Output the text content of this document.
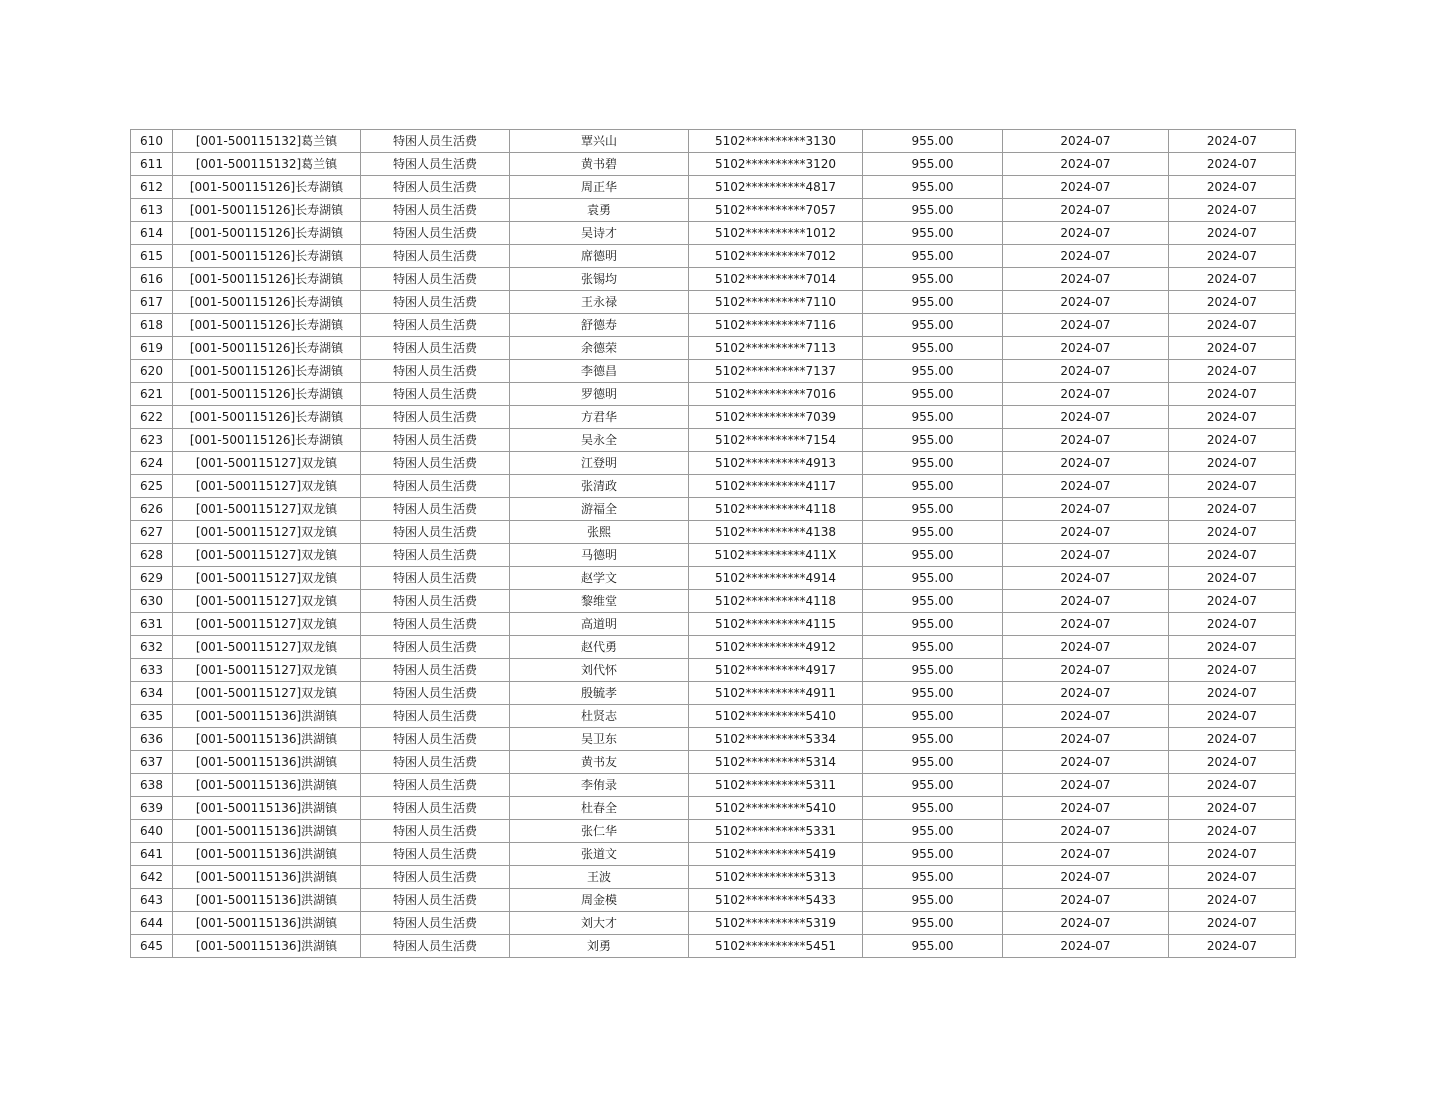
610	[001-500115132]葛兰镇	特困人员生活费	覃兴山	5102**********3130	955.00	2024-07	2024-07
611	[001-500115132]葛兰镇	特困人员生活费	黄书碧	5102**********3120	955.00	2024-07	2024-07
612	[001-500115126]长寿湖镇	特困人员生活费	周正华	5102**********4817	955.00	2024-07	2024-07
613	[001-500115126]长寿湖镇	特困人员生活费	袁勇	5102**********7057	955.00	2024-07	2024-07
614	[001-500115126]长寿湖镇	特困人员生活费	吴诗才	5102**********1012	955.00	2024-07	2024-07
615	[001-500115126]长寿湖镇	特困人员生活费	席德明	5102**********7012	955.00	2024-07	2024-07
616	[001-500115126]长寿湖镇	特困人员生活费	张锡均	5102**********7014	955.00	2024-07	2024-07
617	[001-500115126]长寿湖镇	特困人员生活费	王永禄	5102**********7110	955.00	2024-07	2024-07
618	[001-500115126]长寿湖镇	特困人员生活费	舒德寿	5102**********7116	955.00	2024-07	2024-07
619	[001-500115126]长寿湖镇	特困人员生活费	余德荣	5102**********7113	955.00	2024-07	2024-07
620	[001-500115126]长寿湖镇	特困人员生活费	李德昌	5102**********7137	955.00	2024-07	2024-07
621	[001-500115126]长寿湖镇	特困人员生活费	罗德明	5102**********7016	955.00	2024-07	2024-07
622	[001-500115126]长寿湖镇	特困人员生活费	方君华	5102**********7039	955.00	2024-07	2024-07
623	[001-500115126]长寿湖镇	特困人员生活费	吴永全	5102**********7154	955.00	2024-07	2024-07
624	[001-500115127]双龙镇	特困人员生活费	江登明	5102**********4913	955.00	2024-07	2024-07
625	[001-500115127]双龙镇	特困人员生活费	张清政	5102**********4117	955.00	2024-07	2024-07
626	[001-500115127]双龙镇	特困人员生活费	游福全	5102**********4118	955.00	2024-07	2024-07
627	[001-500115127]双龙镇	特困人员生活费	张熙	5102**********4138	955.00	2024-07	2024-07
628	[001-500115127]双龙镇	特困人员生活费	马德明	5102**********411X	955.00	2024-07	2024-07
629	[001-500115127]双龙镇	特困人员生活费	赵学文	5102**********4914	955.00	2024-07	2024-07
630	[001-500115127]双龙镇	特困人员生活费	黎维堂	5102**********4118	955.00	2024-07	2024-07
631	[001-500115127]双龙镇	特困人员生活费	高道明	5102**********4115	955.00	2024-07	2024-07
632	[001-500115127]双龙镇	特困人员生活费	赵代勇	5102**********4912	955.00	2024-07	2024-07
633	[001-500115127]双龙镇	特困人员生活费	刘代怀	5102**********4917	955.00	2024-07	2024-07
634	[001-500115127]双龙镇	特困人员生活费	殷毓孝	5102**********4911	955.00	2024-07	2024-07
635	[001-500115136]洪湖镇	特困人员生活费	杜贤志	5102**********5410	955.00	2024-07	2024-07
636	[001-500115136]洪湖镇	特困人员生活费	吴卫东	5102**********5334	955.00	2024-07	2024-07
637	[001-500115136]洪湖镇	特困人员生活费	黄书友	5102**********5314	955.00	2024-07	2024-07
638	[001-500115136]洪湖镇	特困人员生活费	李侑录	5102**********5311	955.00	2024-07	2024-07
639	[001-500115136]洪湖镇	特困人员生活费	杜春全	5102**********5410	955.00	2024-07	2024-07
640	[001-500115136]洪湖镇	特困人员生活费	张仁华	5102**********5331	955.00	2024-07	2024-07
641	[001-500115136]洪湖镇	特困人员生活费	张道文	5102**********5419	955.00	2024-07	2024-07
642	[001-500115136]洪湖镇	特困人员生活费	王波	5102**********5313	955.00	2024-07	2024-07
643	[001-500115136]洪湖镇	特困人员生活费	周金模	5102**********5433	955.00	2024-07	2024-07
644	[001-500115136]洪湖镇	特困人员生活费	刘大才	5102**********5319	955.00	2024-07	2024-07
645	[001-500115136]洪湖镇	特困人员生活费	刘勇	5102**********5451	955.00	2024-07	2024-07
